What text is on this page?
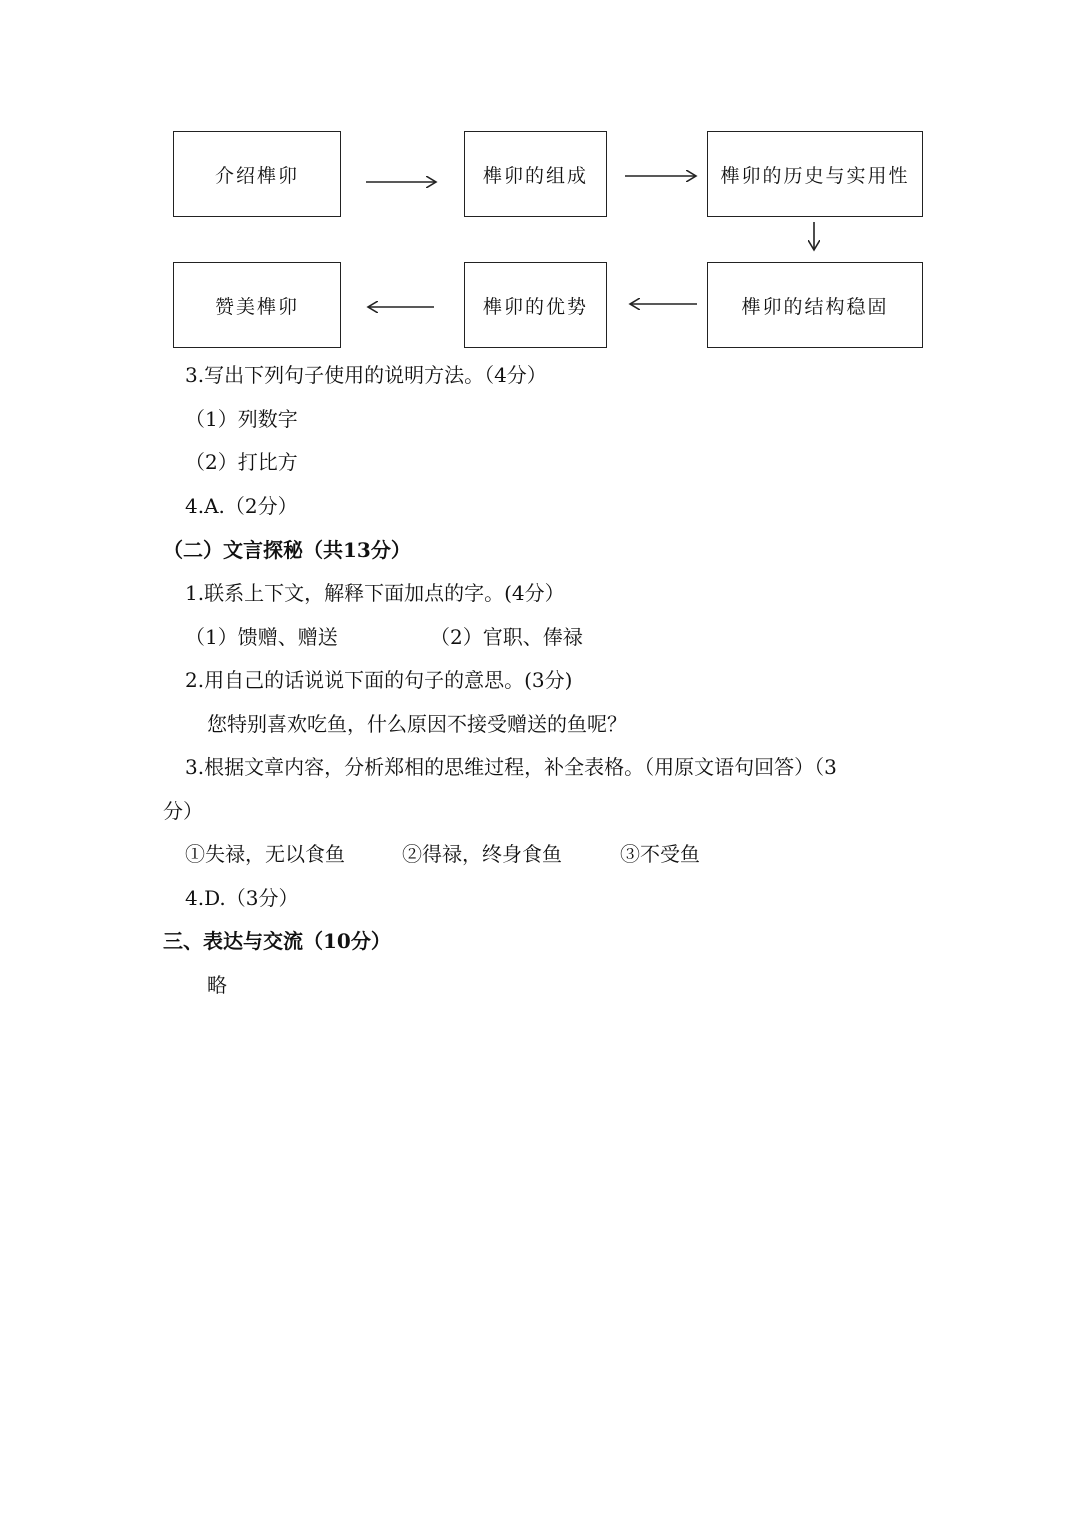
介绍榫卯	榫卯的组成	榫卯的历史与实用性
榫卯的结构稳固
榫卯的优势
赞美榫卯
3.写出下列句子使用的说明方法。（4分）
（1）列数字
（2）打比方
4.A.（2分）
（二）文言探秘（共13分）
1.联系上下文，解释下面加点的字。(4分）
（1）馈赠、赠送	（2）官职、俸禄
2.用自己的话说说下面的句子的意思。(3分)
您特别喜欢吃鱼，什么原因不接受赠送的鱼呢？
3.根据文章内容，分析郑相的思维过程，补全表格。（用原文语句回答）（3
分）
①失禄，无以食鱼	②得禄，终身食鱼	③不受鱼
4.D.（3分）
三、表达与交流（10分）
略
